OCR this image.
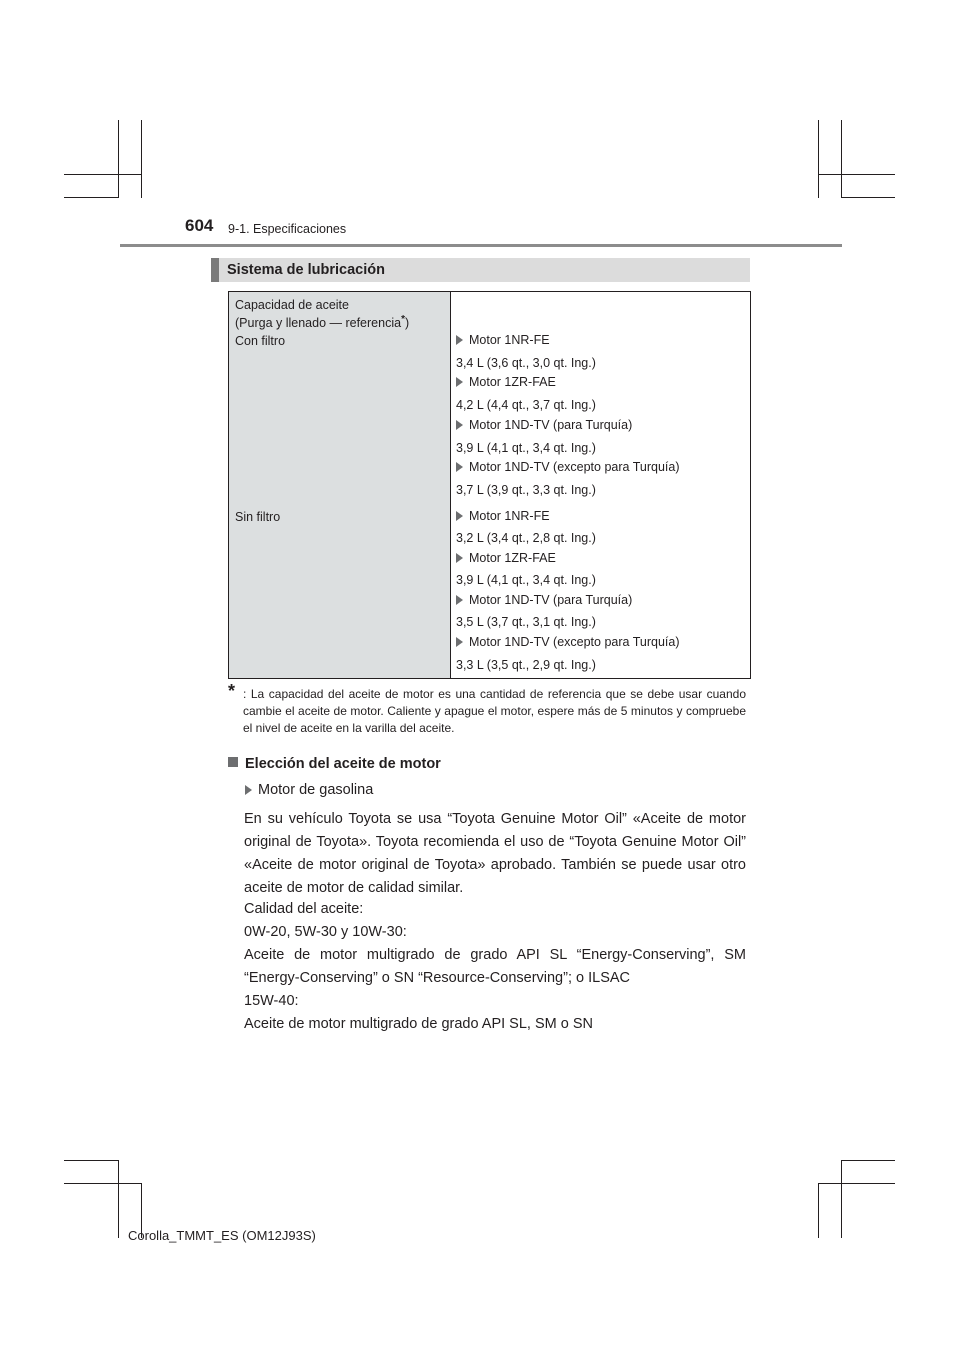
604 9-1. Especificaciones
Sistema de lubricación
Capacidad de aceite
(Purga y llenado — referencia*)
Con filtro
Sin filtro
Motor 1NR-FE
3,4 L (3,6 qt., 3,0 qt. Ing.)
Motor 1ZR-FAE
4,2 L (4,4 qt., 3,7 qt. Ing.)
Motor 1ND-TV (para Turquía)
3,9 L (4,1 qt., 3,4 qt. Ing.)
Motor 1ND-TV (excepto para Turquía)
3,7 L (3,9 qt., 3,3 qt. Ing.)
Motor 1NR-FE
3,2 L (3,4 qt., 2,8 qt. Ing.)
Motor 1ZR-FAE
3,9 L (4,1 qt., 3,4 qt. Ing.)
Motor 1ND-TV (para Turquía)
3,5 L (3,7 qt., 3,1 qt. Ing.)
Motor 1ND-TV (excepto para Turquía)
3,3 L (3,5 qt., 2,9 qt. Ing.)
* : La capacidad del aceite de motor es una cantidad de referencia que se debe usar cuando cambie el aceite de motor. Caliente y apague el motor, espere más de 5 minutos y compruebe el nivel de aceite en la varilla del aceite.
Elección del aceite de motor
Motor de gasolina
En su vehículo Toyota se usa “Toyota Genuine Motor Oil” «Aceite de motor original de Toyota». Toyota recomienda el uso de “Toyota Genuine Motor Oil” «Aceite de motor original de Toyota» aprobado. También se puede usar otro aceite de motor de calidad similar.
Calidad del aceite:
0W-20, 5W-30 y 10W-30:
Aceite de motor multigrado de grado API SL “Energy-Conserving”, SM “Energy-Conserving” o SN “Resource-Conserving”; o ILSAC
15W-40:
Aceite de motor multigrado de grado API SL, SM o SN
Corolla_TMMT_ES (OM12J93S)
